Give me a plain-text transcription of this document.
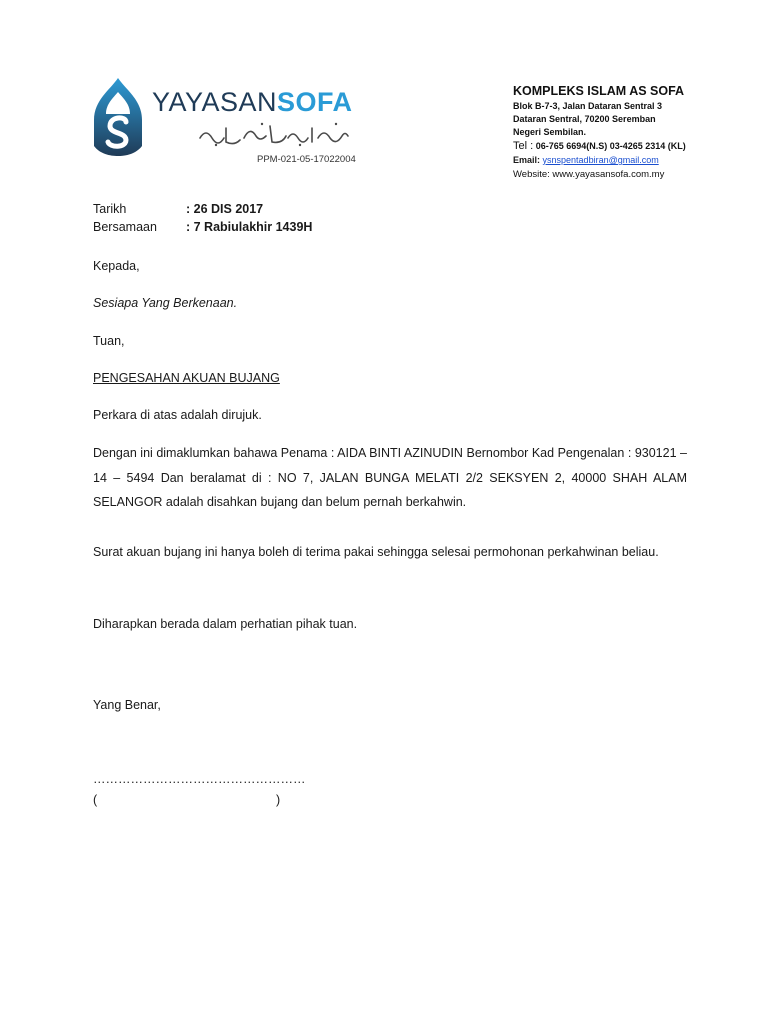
YAYASANSOFA
PPM-021-05-17022004
KOMPLEKS ISLAM AS SOFA
Blok B-7-3, Jalan Dataran Sentral 3
Dataran Sentral, 70200 Seremban
Negeri Sembilan.
Tel : 06-765 6694(N.S) 03-4265 2314 (KL)
Email: ysnspentadbiran@gmail.com
Website: www.yayasansofa.com.my
Tarikh	: 26 DIS 2017
Bersamaan : 7 Rabiulakhir 1439H
Kepada,
Sesiapa Yang Berkenaan.
Tuan,
PENGESAHAN AKUAN BUJANG
Perkara di atas adalah dirujuk.
Dengan ini dimaklumkan bahawa Penama : AIDA BINTI AZINUDIN Bernombor Kad Pengenalan : 930121 – 14 – 5494 Dan beralamat di : NO 7, JALAN BUNGA MELATI 2/2 SEKSYEN 2, 40000 SHAH ALAM SELANGOR adalah disahkan bujang dan belum pernah berkahwin.
Surat akuan bujang ini hanya boleh di terima pakai sehingga selesai permohonan perkahwinan beliau.
Diharapkan berada dalam perhatian pihak tuan.
Yang Benar,
……………………………………………
(	)
